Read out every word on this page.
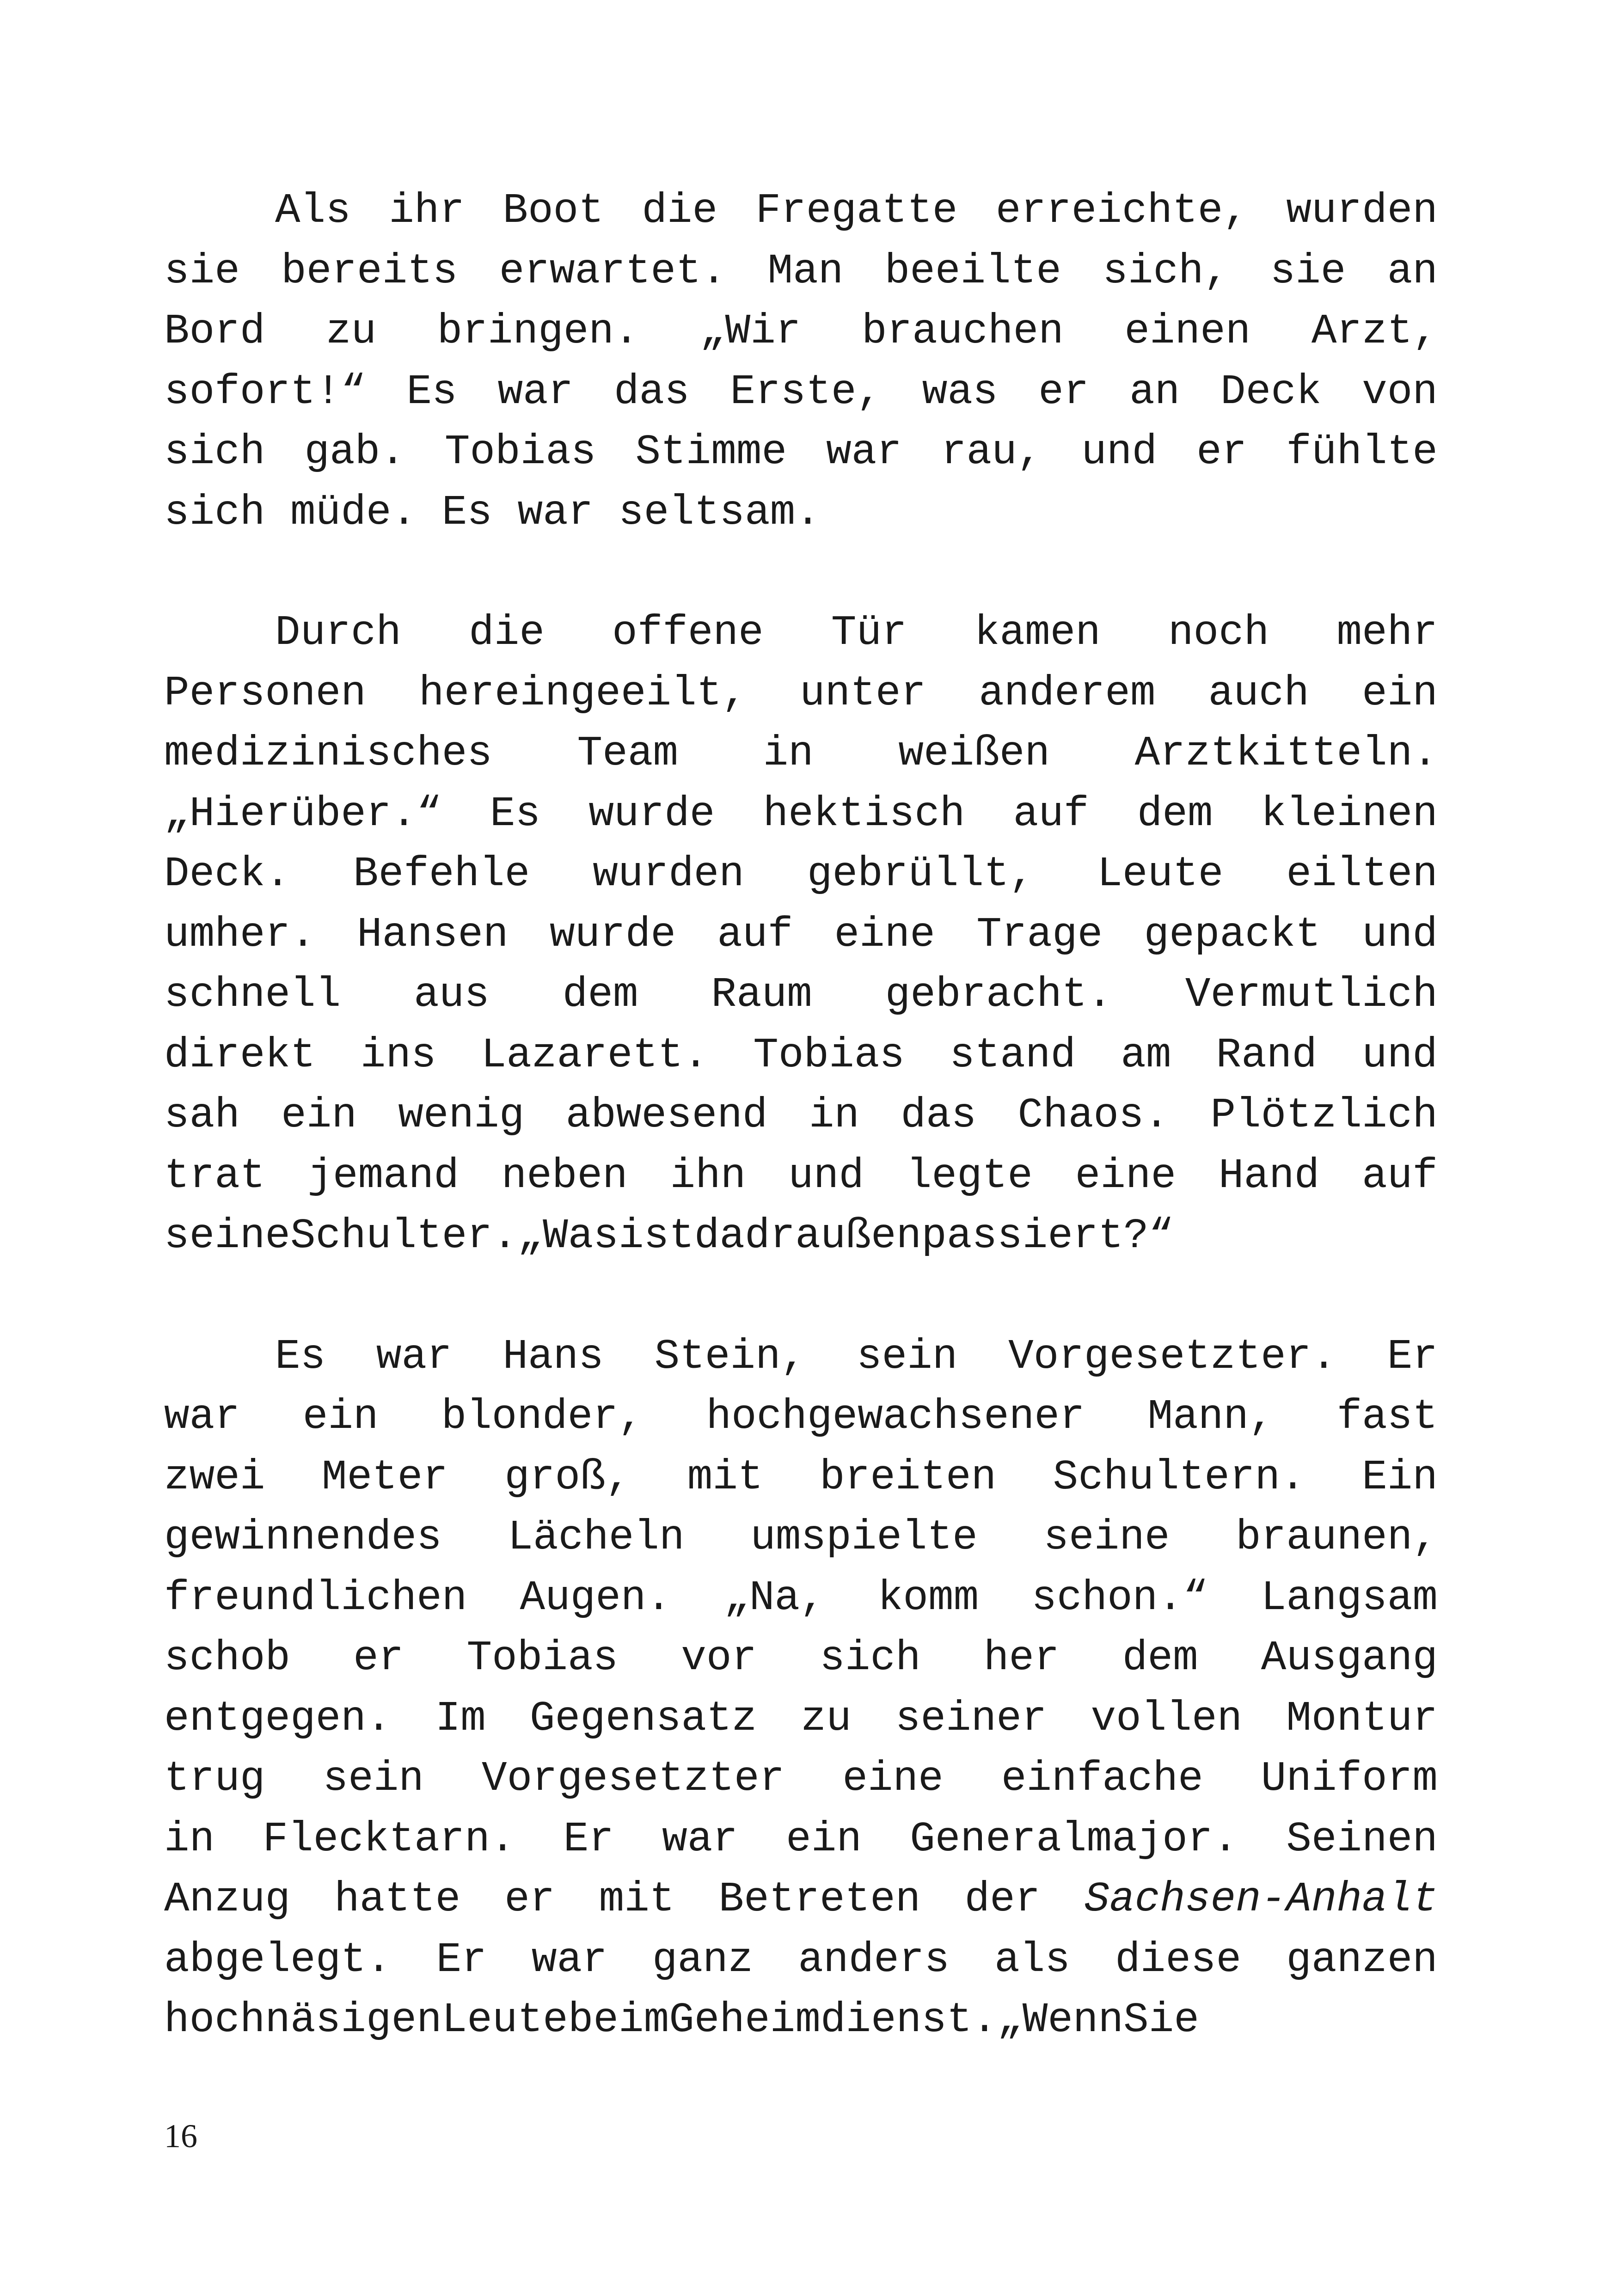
Als ihr Boot die Fregatte erreichte, wurden
sie bereits erwartet. Man beeilte sich, sie an
Bord zu bringen. „Wir brauchen einen Arzt,
sofort!“ Es war das Erste, was er an Deck von
sich gab. Tobias Stimme war rau, und er fühlte
sich müde. Es war seltsam.
Durch die offene Tür kamen noch mehr
Personen hereingeeilt, unter anderem auch ein
medizinisches Team in weißen Arztkitteln.
„Hierüber.“ Es wurde hektisch auf dem kleinen
Deck. Befehle wurden gebrüllt, Leute eilten
umher. Hansen wurde auf eine Trage gepackt und
schnell aus dem Raum gebracht. Vermutlich
direkt ins Lazarett. Tobias stand am Rand und
sah ein wenig abwesend in das Chaos. Plötzlich
trat jemand neben ihn und legte eine Hand auf
seineSchulter.„Wasistdadraußenpassiert?“
Es war Hans Stein, sein Vorgesetzter. Er
war ein blonder, hochgewachsener Mann, fast
zwei Meter groß, mit breiten Schultern. Ein
gewinnendes Lächeln umspielte seine braunen,
freundlichen Augen. „Na, komm schon.“ Langsam
schob er Tobias vor sich her dem Ausgang
entgegen. Im Gegensatz zu seiner vollen Montur
trug sein Vorgesetzter eine einfache Uniform
in Flecktarn. Er war ein Generalmajor. Seinen
Anzug hatte er mit Betreten der Sachsen-Anhalt
abgelegt. Er war ganz anders als diese ganzen
hochnäsigenLeutebeimGeheimdienst.„WennSie
16
